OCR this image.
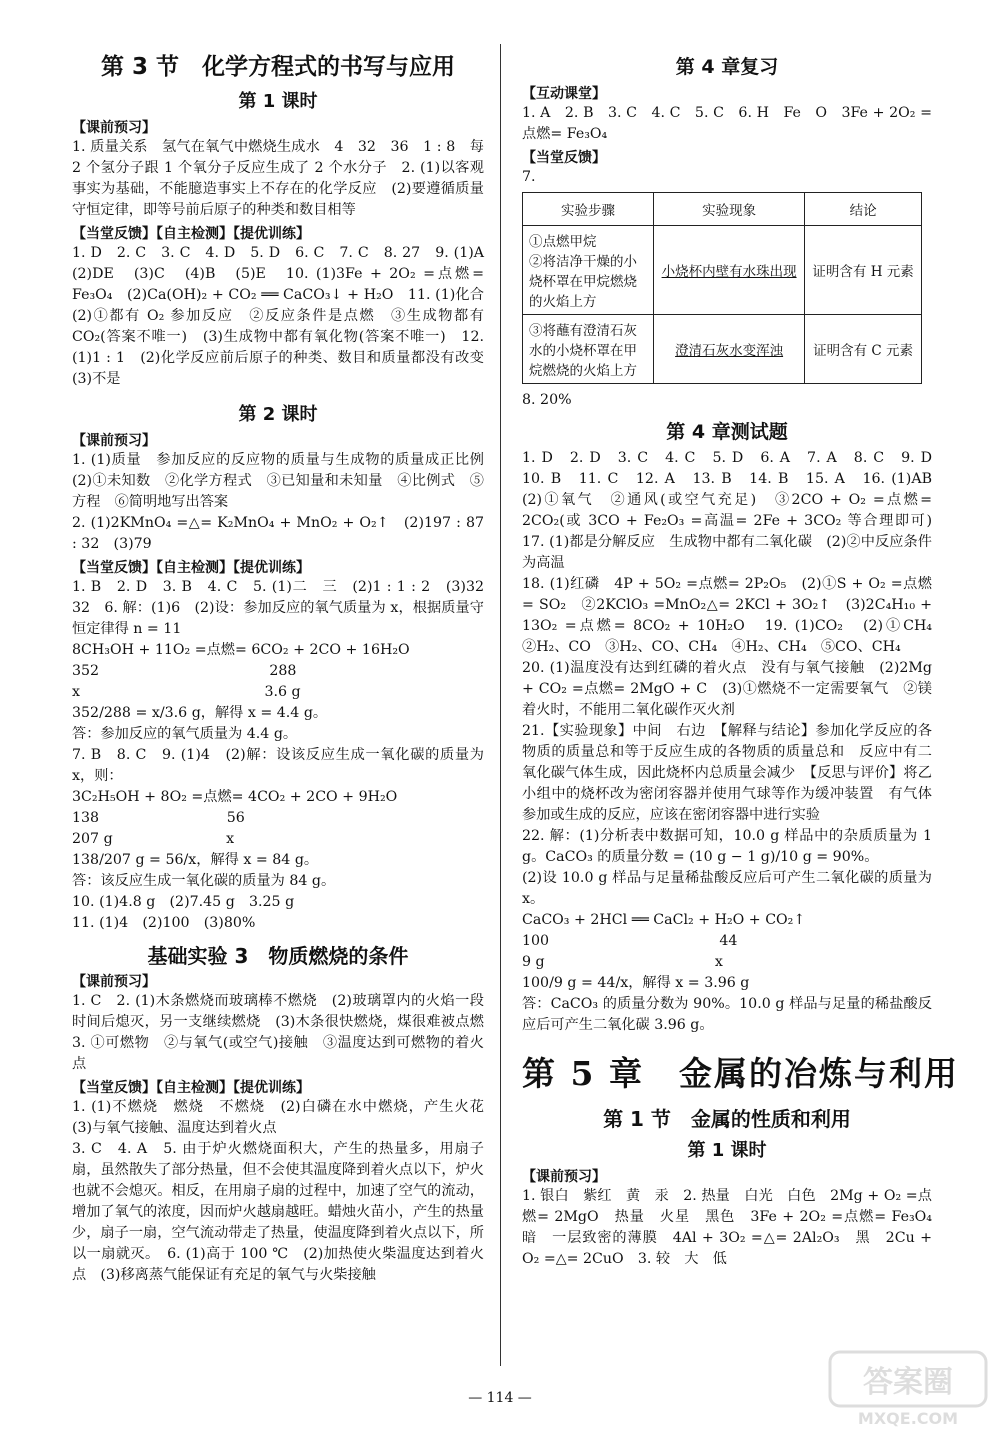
第 3 节　化学方程式的书写与应用
第 1 课时
【课前预习】

1. 质量关系　氢气在氧气中燃烧生成水　4　32　36　1 : 8　每 2 个氢分子跟 1 个氧分子反应生成了 2 个水分子　2. (1)以客观事实为基础，不能臆造事实上不存在的化学反应　(2)要遵循质量守恒定律，即等号前后原子的种类和数目相等

【当堂反馈】【自主检测】【提优训练】

1. D　2. C　3. C　4. D　5. D　6. C　7. C　8. 27　9. (1)A　(2)DE　(3)C　(4)B　(5)E　10. (1)3Fe + 2O₂ =点燃= Fe₃O₄　(2)Ca(OH)₂ + CO₂ ══ CaCO₃↓ + H₂O　11. (1)化合　(2)①都有 O₂ 参加反应　②反应条件是点燃　③生成物都有 CO₂(答案不唯一)　(3)生成物中都有氧化物(答案不唯一)　12. (1)1 : 1　(2)化学反应前后原子的种类、数目和质量都没有改变　(3)不是

第 2 课时
【课前预习】

1. (1)质量　参加反应的反应物的质量与生成物的质量成正比例　(2)①未知数　②化学方程式　③已知量和未知量　④比例式　⑤方程　⑥简明地写出答案

2. (1)2KMnO₄ =△= K₂MnO₄ + MnO₂ + O₂↑　(2)197 : 87 : 32　(3)79

【当堂反馈】【自主检测】【提优训练】

1. B　2. D　3. B　4. C　5. (1)二　三　(2)1 : 1 : 2　(3)32　32　6. 解：(1)6　(2)设：参加反应的氧气质量为 x，根据质量守恒定律得 n = 11

8CH₃OH + 11O₂ =点燃= 6CO₂ + 2CO + 16H₂O

352　　　　　　　　　　　　288

x　　　　　　　　　　　　　3.6 g

352/288 = x/3.6 g，解得 x = 4.4 g。

答：参加反应的氧气质量为 4.4 g。

7. B　8. C　9. (1)4　(2)解：设该反应生成一氧化碳的质量为 x，则：

3C₂H₅OH + 8O₂ =点燃= 4CO₂ + 2CO + 9H₂O

138　　　　　　　　　56

207 g　　　　　　　　x

138/207 g = 56/x，解得 x = 84 g。

答：该反应生成一氧化碳的质量为 84 g。

10. (1)4.8 g　(2)7.45 g　3.25 g

11. (1)4　(2)100　(3)80%

基础实验 3　物质燃烧的条件
【课前预习】

1. C　2. (1)木条燃烧而玻璃棒不燃烧　(2)玻璃罩内的火焰一段时间后熄灭，另一支继续燃烧　(3)木条很快燃烧，煤很难被点燃　3. ①可燃物　②与氧气(或空气)接触　③温度达到可燃物的着火点

【当堂反馈】【自主检测】【提优训练】

1. (1)不燃烧　燃烧　不燃烧　(2)白磷在水中燃烧，产生火花　(3)与氧气接触、温度达到着火点

3. C　4. A　5. 由于炉火燃烧面积大，产生的热量多，用扇子扇，虽然散失了部分热量，但不会使其温度降到着火点以下，炉火也就不会熄灭。相反，在用扇子扇的过程中，加速了空气的流动，增加了氧气的浓度，因而炉火越扇越旺。蜡烛火苗小，产生的热量少，扇子一扇，空气流动带走了热量，使温度降到着火点以下，所以一扇就灭。　6. (1)高于 100 ℃　(2)加热使火柴温度达到着火点　(3)移离蒸气能保证有充足的氧气与火柴接触

第 4 章复习
【互动课堂】

1. A　2. B　3. C　4. C　5. C　6. H　Fe　O　3Fe + 2O₂ =点燃= Fe₃O₄

【当堂反馈】

7.

实验步骤	实验现象	结论
①点燃甲烷
②将洁净干燥的小烧杯罩在甲烷燃烧的火焰上方	小烧杯内壁有水珠出现	证明含有 H 元素
③将蘸有澄清石灰水的小烧杯罩在甲烷燃烧的火焰上方	澄清石灰水变浑浊	证明含有 C 元素

8. 20%

第 4 章测试题

1. D　2. D　3. C　4. C　5. D　6. A　7. A　8. C　9. D　10. B　11. C　12. A　13. B　14. B　15. A　16. (1)AB　(2)①氧气　②通风(或空气充足)　③2CO + O₂ =点燃= 2CO₂(或 3CO + Fe₂O₃ =高温= 2Fe + 3CO₂ 等合理即可)　17. (1)都是分解反应　生成物中都有二氧化碳　(2)②中反应条件为高温

18. (1)红磷　4P + 5O₂ =点燃= 2P₂O₅　(2)①S + O₂ =点燃= SO₂　②2KClO₃ =MnO₂△= 2KCl + 3O₂↑　(3)2C₄H₁₀ + 13O₂ =点燃= 8CO₂ + 10H₂O　19. (1)CO₂　(2)①CH₄　②H₂、CO　③H₂、CO、CH₄　④H₂、CH₄　⑤CO、CH₄

20. (1)温度没有达到红磷的着火点　没有与氧气接触　(2)2Mg + CO₂ =点燃= 2MgO + C　(3)①燃烧不一定需要氧气　②镁着火时，不能用二氧化碳作灭火剂

21.【实验现象】中间　右边　【解释与结论】参加化学反应的各物质的质量总和等于反应生成的各物质的质量总和　反应中有二氧化碳气体生成，因此烧杯内总质量会减少　【反思与评价】将乙小组中的烧杯改为密闭容器并使用气球等作为缓冲装置　有气体参加或生成的反应，应该在密闭容器中进行实验

22. 解：(1)分析表中数据可知，10.0 g 样品中的杂质质量为 1 g。CaCO₃ 的质量分数 = (10 g − 1 g)/10 g = 90%。

(2)设 10.0 g 样品与足量稀盐酸反应后可产生二氧化碳的质量为 x。

CaCO₃ + 2HCl ══ CaCl₂ + H₂O + CO₂↑

100　　　　　　　　　　　　44

9 g　　　　　　　　　　　　x

100/9 g = 44/x，解得 x = 3.96 g

答：CaCO₃ 的质量分数为 90%。10.0 g 样品与足量的稀盐酸反应后可产生二氧化碳 3.96 g。

第 5 章　金属的冶炼与利用
第 1 节　金属的性质和利用
第 1 课时
【课前预习】

1. 银白　紫红　黄　汞　2. 热量　白光　白色　2Mg + O₂ =点燃= 2MgO　热量　火星　黑色　3Fe + 2O₂ =点燃= Fe₃O₄　暗　一层致密的薄膜　4Al + 3O₂ =△= 2Al₂O₃　黑　2Cu + O₂ =△= 2CuO　3. 较　大　低

— 114 —	答案圈
MXQE.COM
